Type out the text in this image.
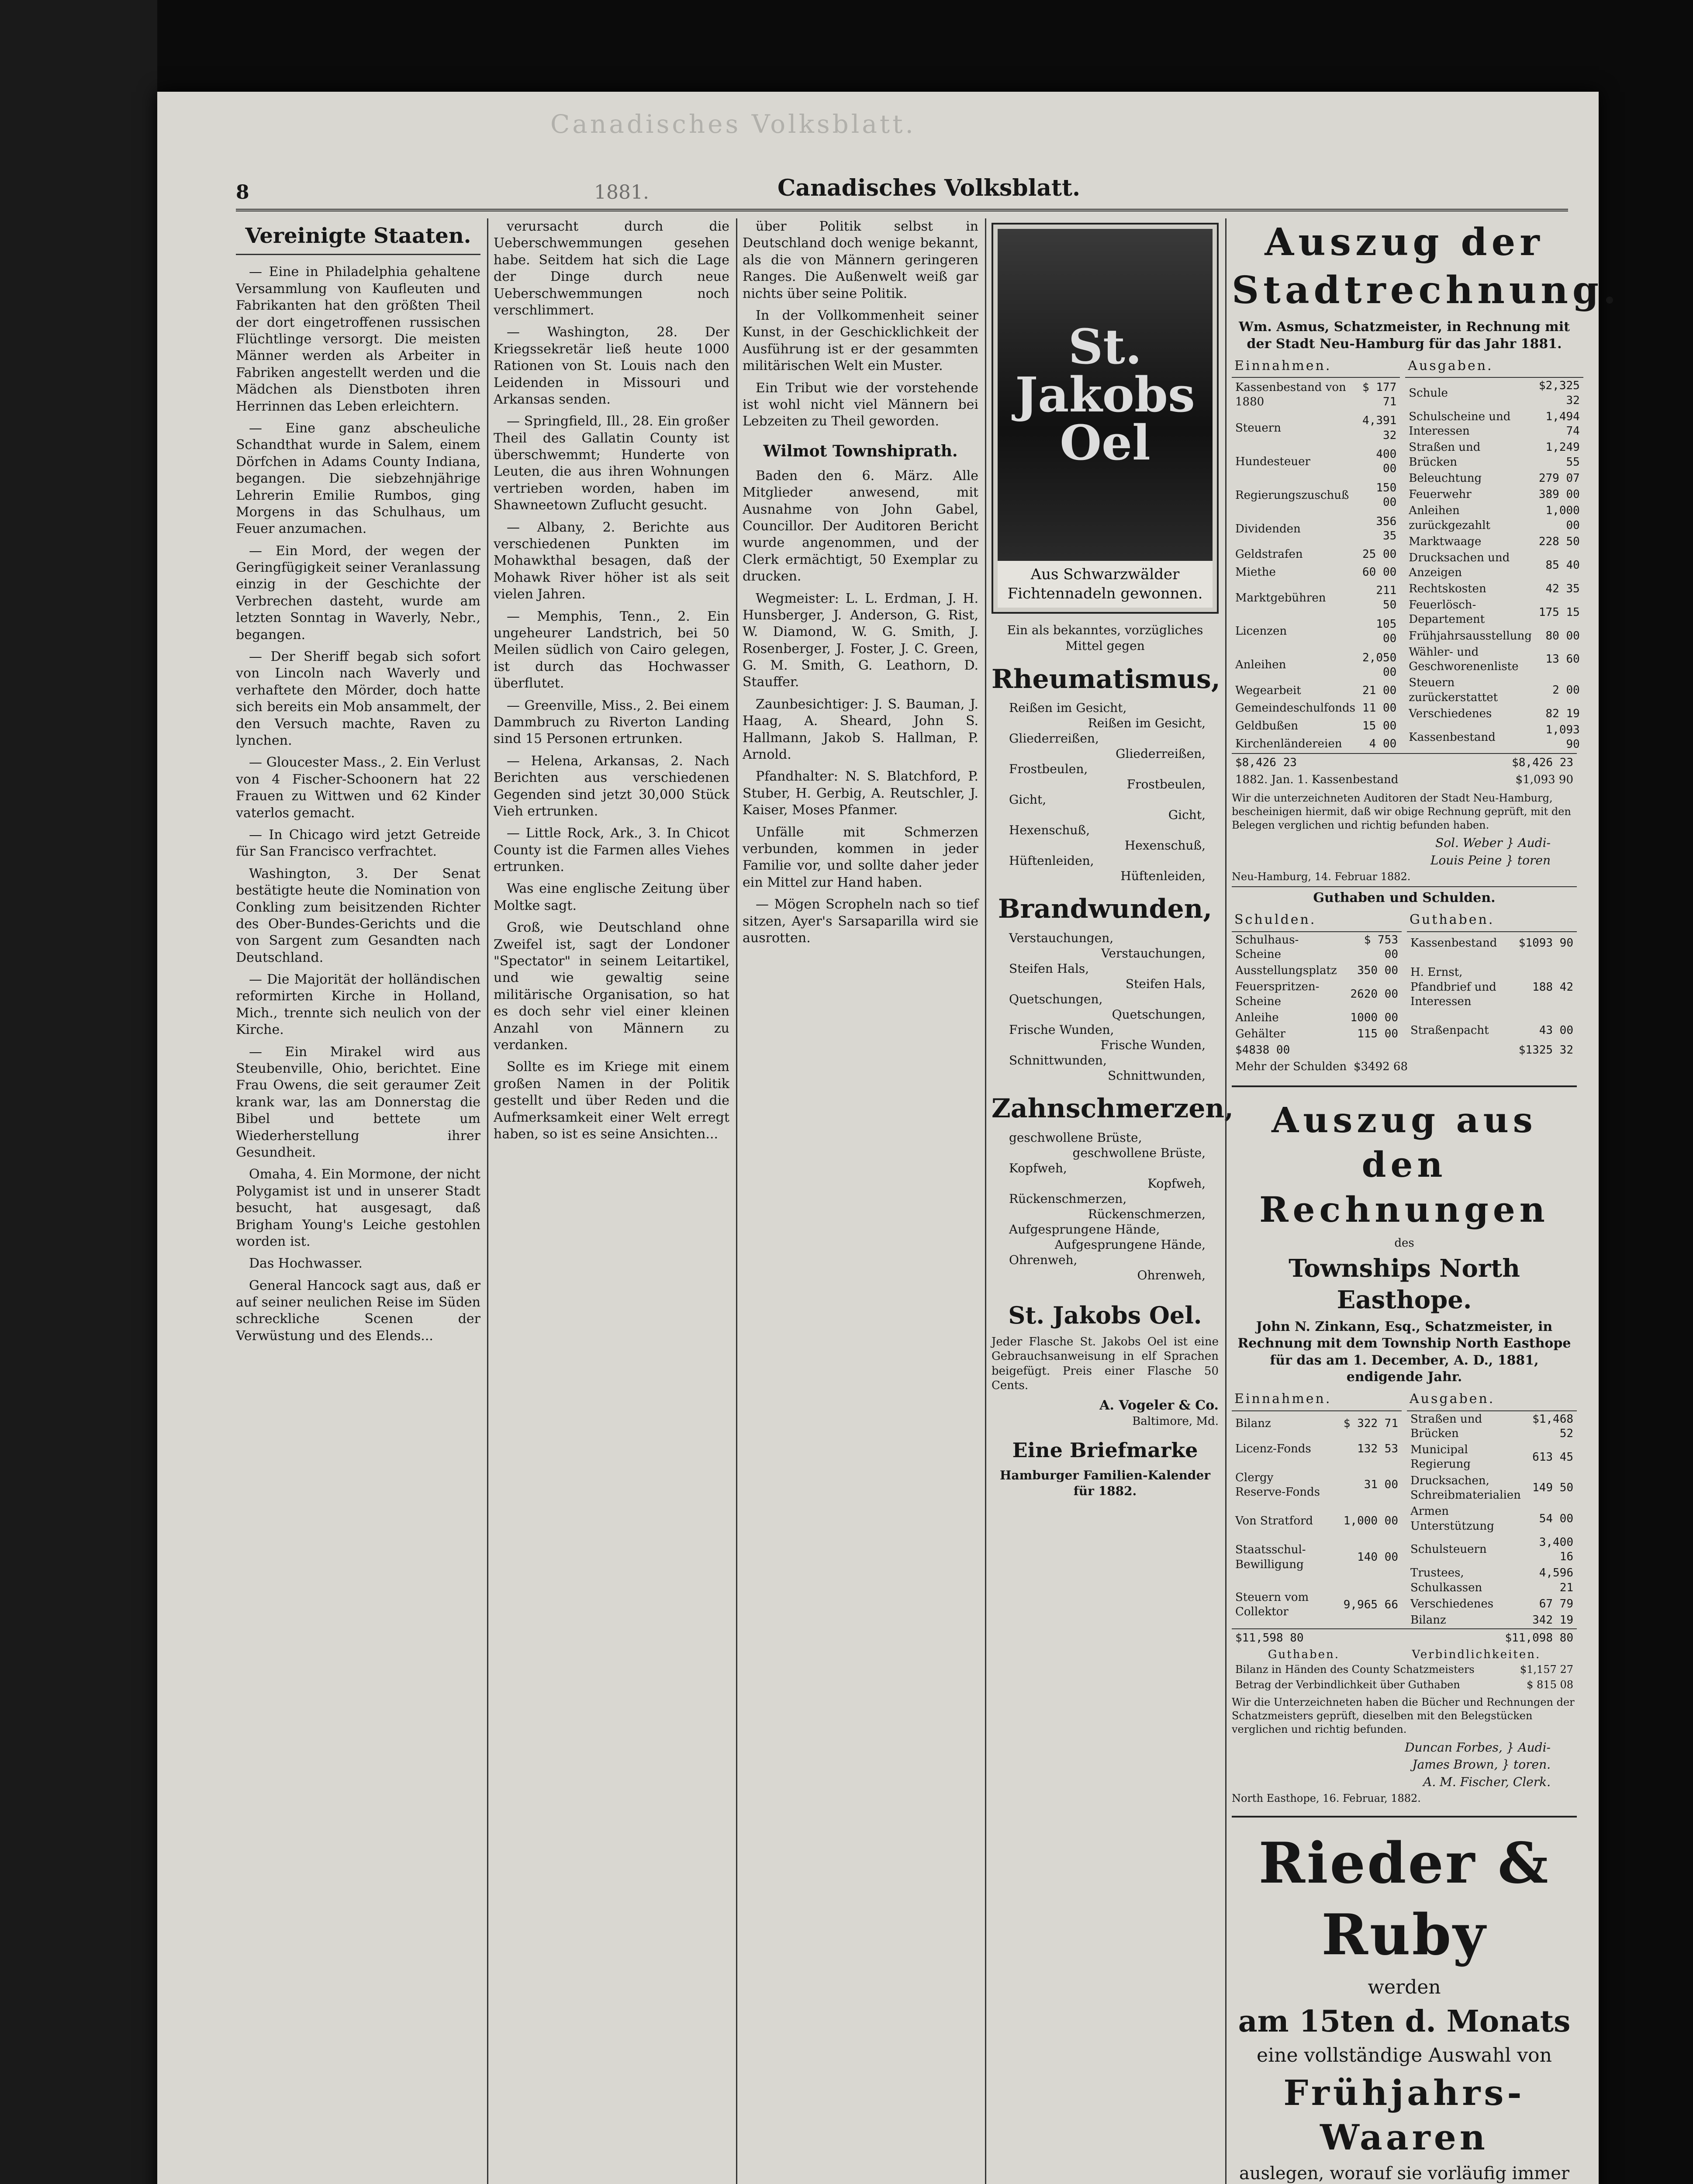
Canadisches Volksblatt.
8	1881.	Canadisches Volksblatt.
Vereinigte Staaten.

— Eine in Philadelphia gehaltene Versammlung von Kaufleuten und Fabrikanten hat den größten Theil der dort eingetroffenen russischen Flüchtlinge versorgt. Die meisten Männer werden als Arbeiter in Fabriken angestellt werden und die Mädchen als Dienstboten ihren Herrinnen das Leben erleichtern.

— Eine ganz abscheuliche Schandthat wurde in Salem, einem Dörfchen in Adams County Indiana, begangen. Die siebzehnjährige Lehrerin Emilie Rumbos, ging Morgens in das Schulhaus, um Feuer anzumachen.

— Ein Mord, der wegen der Geringfügigkeit seiner Veranlassung einzig in der Geschichte der Verbrechen dasteht, wurde am letzten Sonntag in Waverly, Nebr., begangen.

— Der Sheriff begab sich sofort von Lincoln nach Waverly und verhaftete den Mörder, doch hatte sich bereits ein Mob ansammelt, der den Versuch machte, Raven zu lynchen.

— Gloucester Mass., 2. Ein Verlust von 4 Fischer-Schoonern hat 22 Frauen zu Wittwen und 62 Kinder vaterlos gemacht.

— In Chicago wird jetzt Getreide für San Francisco verfrachtet.

Washington, 3. Der Senat bestätigte heute die Nomination von Conkling zum beisitzenden Richter des Ober-Bundes-Gerichts und die von Sargent zum Gesandten nach Deutschland.

— Die Majorität der holländischen reformirten Kirche in Holland, Mich., trennte sich neulich von der Kirche.

— Ein Mirakel wird aus Steubenville, Ohio, berichtet. Eine Frau Owens, die seit geraumer Zeit krank war, las am Donnerstag die Bibel und bettete um Wiederherstellung ihrer Gesundheit.

Omaha, 4. Ein Mormone, der nicht Polygamist ist und in unserer Stadt besucht, hat ausgesagt, daß Brigham Young's Leiche gestohlen worden ist.

Das Hochwasser.

General Hancock sagt aus, daß er auf seiner neulichen Reise im Süden schreckliche Scenen der Verwüstung und des Elends...

verursacht durch die Ueberschwemmungen gesehen habe. Seitdem hat sich die Lage der Dinge durch neue Ueberschwemmungen noch verschlimmert.

— Washington, 28. Der Kriegssekretär ließ heute 1000 Rationen von St. Louis nach den Leidenden in Missouri und Arkansas senden.

— Springfield, Ill., 28. Ein großer Theil des Gallatin County ist überschwemmt; Hunderte von Leuten, die aus ihren Wohnungen vertrieben worden, haben im Shawneetown Zuflucht gesucht.

— Albany, 2. Berichte aus verschiedenen Punkten im Mohawkthal besagen, daß der Mohawk River höher ist als seit vielen Jahren.

— Memphis, Tenn., 2. Ein ungeheurer Landstrich, bei 50 Meilen südlich von Cairo gelegen, ist durch das Hochwasser überflutet.

— Greenville, Miss., 2. Bei einem Dammbruch zu Riverton Landing sind 15 Personen ertrunken.

— Helena, Arkansas, 2. Nach Berichten aus verschiedenen Gegenden sind jetzt 30,000 Stück Vieh ertrunken.

— Little Rock, Ark., 3. In Chicot County ist die Farmen alles Viehes ertrunken.

Was eine englische Zeitung über Moltke sagt.

Groß, wie Deutschland ohne Zweifel ist, sagt der Londoner "Spectator" in seinem Leitartikel, und wie gewaltig seine militärische Organisation, so hat es doch sehr viel einer kleinen Anzahl von Männern zu verdanken.

Sollte es im Kriege mit einem großen Namen in der Politik gestellt und über Reden und die Aufmerksamkeit einer Welt erregt haben, so ist es seine Ansichten...

über Politik selbst in Deutschland doch wenige bekannt, als die von Männern geringeren Ranges. Die Außenwelt weiß gar nichts über seine Politik.

In der Vollkommenheit seiner Kunst, in der Geschicklichkeit der Ausführung ist er der gesammten militärischen Welt ein Muster.

Ein Tribut wie der vorstehende ist wohl nicht viel Männern bei Lebzeiten zu Theil geworden.

Wilmot Townshiprath.

Baden den 6. März. Alle Mitglieder anwesend, mit Ausnahme von John Gabel, Councillor. Der Auditoren Bericht wurde angenommen, und der Clerk ermächtigt, 50 Exemplar zu drucken.

Wegmeister: L. L. Erdman, J. H. Hunsberger, J. Anderson, G. Rist, W. Diamond, W. G. Smith, J. Rosenberger, J. Foster, J. C. Green, G. M. Smith, G. Leathorn, D. Stauffer.

Zaunbesichtiger: J. S. Bauman, J. Haag, A. Sheard, John S. Hallmann, Jakob S. Hallman, P. Arnold.

Pfandhalter: N. S. Blatchford, P. Stuber, H. Gerbig, A. Reutschler, J. Kaiser, Moses Pfanmer.

Unfälle mit Schmerzen verbunden, kommen in jeder Familie vor, und sollte daher jeder ein Mittel zur Hand haben.

— Mögen Scropheln nach so tief sitzen, Ayer's Sarsaparilla wird sie ausrotten.

St. Jakobs Oel
Aus Schwarzwälder Fichtennadeln gewonnen.
Ein als bekanntes, vorzügliches Mittel gegen
Rheumatismus,
Reißen im Gesicht,
Reißen im Gesicht,
Gliederreißen,
Gliederreißen,
Frostbeulen,
Frostbeulen,
Gicht,
Gicht,
Hexenschuß,
Hexenschuß,
Hüftenleiden,
Hüftenleiden,
Brandwunden,
Verstauchungen,
Verstauchungen,
Steifen Hals,
Steifen Hals,
Quetschungen,
Quetschungen,
Frische Wunden,
Frische Wunden,
Schnittwunden,
Schnittwunden,
Zahnschmerzen,
geschwollene Brüste,
geschwollene Brüste,
Kopfweh,
Kopfweh,
Rückenschmerzen,
Rückenschmerzen,
Aufgesprungene Hände,
Aufgesprungene Hände,
Ohrenweh,
Ohrenweh,
St. Jakobs Oel.
Jeder Flasche St. Jakobs Oel ist eine Gebrauchsanweisung in elf Sprachen beigefügt. Preis einer Flasche 50 Cents.
A. Vogeler & Co.
Baltimore, Md.
Eine Briefmarke
Hamburger Familien-Kalender für 1882.
Auszug der Stadtrechnung.
Wm. Asmus, Schatzmeister, in Rechnung mit der Stadt Neu-Hamburg für das Jahr 1881.
Einnahmen.	
Kassenbestand von 1880	$ 177 71
Steuern	4,391 32
Hundesteuer	400 00
Regierungszuschuß	150 00
Dividenden	356 35
Geldstrafen	25 00
Miethe	60 00
Marktgebühren	211 50
Licenzen	105 00
Anleihen	2,050 00
Wegearbeit	21 00
Gemeindeschulfonds	11 00
Geldbußen	15 00
Kirchenländereien	4 00
Ausgaben.	
Schule	$2,325 32
Schulscheine und Interessen	1,494 74
Straßen und Brücken	1,249 55
Beleuchtung	279 07
Feuerwehr	389 00
Anleihen zurückgezahlt	1,000 00
Marktwaage	228 50
Drucksachen und Anzeigen	85 40
Rechtskosten	42 35
Feuerlösch-Departement	175 15
Frühjahrsausstellung	80 00
Wähler- und Geschworenenliste	13 60
Steuern zurückerstattet	2 00
Verschiedenes	82 19
Kassenbestand	1,093 90
$8,426 23	$8,426 23
1882. Jan. 1. Kassenbestand	$1,093 90
Wir die unterzeichneten Auditoren der Stadt Neu-Hamburg, bescheinigen hiermit, daß wir obige Rechnung geprüft, mit den Belegen verglichen und richtig befunden haben.
Sol. Weber } Audi-
Louis Peine } toren
Neu-Hamburg, 14. Februar 1882.
Guthaben und Schulden.
Schulden.	
Schulhaus-Scheine	$ 753 00
Ausstellungsplatz	350 00
Feuerspritzen-Scheine	2620 00
Anleihe	1000 00
Gehälter	115 00
Guthaben.	
Kassenbestand	$1093 90
H. Ernst, Pfandbrief und Interessen	188 42
Straßenpacht	43 00
$4838 00	$1325 32
Mehr der Schulden $3492 68
Auszug aus den Rechnungen
des
Townships North Easthope.
John N. Zinkann, Esq., Schatzmeister, in Rechnung mit dem Township North Easthope für das am 1. December, A. D., 1881, endigende Jahr.
Einnahmen.	
Bilanz	$ 322 71
Licenz-Fonds	132 53
Clergy Reserve-Fonds	31 00
Von Stratford	1,000 00
Staatsschul-Bewilligung	140 00
Steuern vom Collektor	9,965 66
Ausgaben.	
Straßen und Brücken	$1,468 52
Municipal Regierung	613 45
Drucksachen, Schreibmaterialien	149 50
Armen Unterstützung	54 00
Schulsteuern	3,400 16
Trustees, Schulkassen	4,596 21
Verschiedenes	67 79
Bilanz	342 19
$11,598 80	$11,098 80
Guthaben.	Verbindlichkeiten.
Bilanz in Händen des County Schatzmeisters	$1,157 27
Betrag der Verbindlichkeit über Guthaben	$ 815 08
Wir die Unterzeichneten haben die Bücher und Rechnungen der Schatzmeisters geprüft, dieselben mit den Belegstücken verglichen und richtig befunden.
Duncan Forbes, } Audi-
James Brown, } toren.
A. M. Fischer, Clerk.
North Easthope, 16. Februar, 1882.
Rieder & Ruby
werden
am 15ten d. Monats
eine vollständige Auswahl von
Frühjahrs-Waaren
auslegen, worauf sie vorläufig immer
